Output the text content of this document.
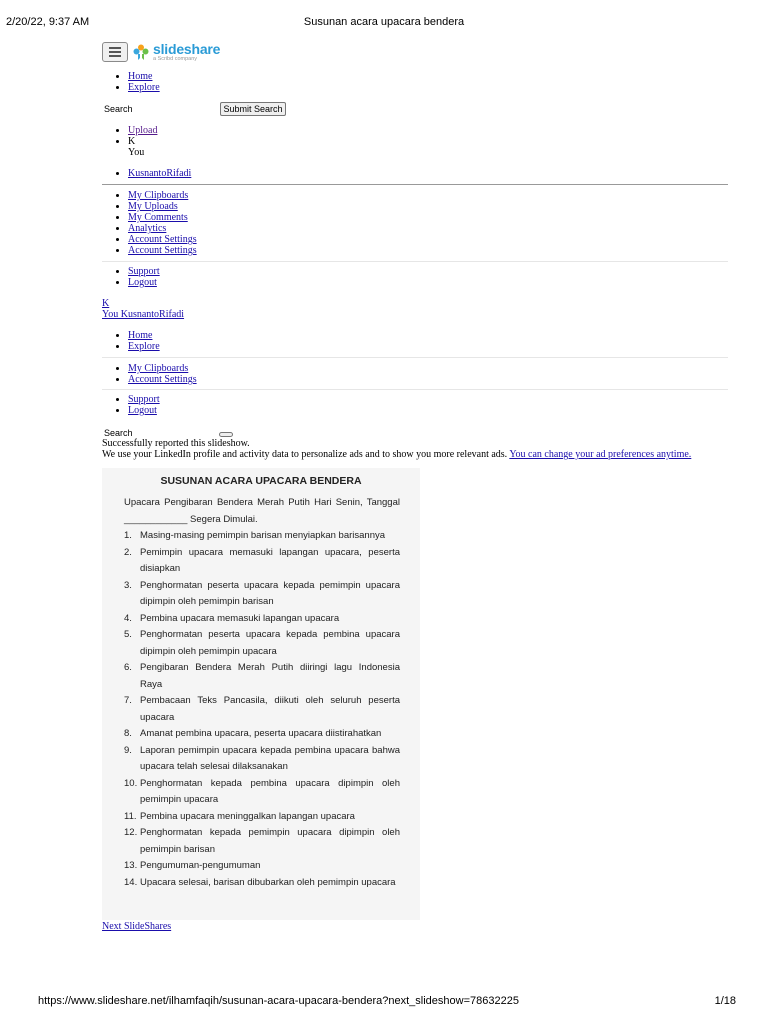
2/20/22, 9:37 AM	Susunan acara upacara bendera
slideshare
a Scribd company
• Home
• Explore
Search	Submit Search
• Upload
• K
You
• KusnantoRifadi
• My Clipboards
• My Uploads
• My Comments
• Analytics
• Account Settings
• Account Settings
• Support
• Logout
K
You KusnantoRifadi
• Home
• Explore
• My Clipboards
• Account Settings
• Support
• Logout
Search
Successfully reported this slideshow.
We use your LinkedIn profile and activity data to personalize ads and to show you more relevant ads. You can change your ad preferences anytime.
SUSUNAN ACARA UPACARA BENDERA
Upacara Pengibaran Bendera Merah Putih Hari Senin, Tanggal ____________ Segera Dimulai.
1. Masing-masing pemimpin barisan menyiapkan barisannya
2. Pemimpin upacara memasuki lapangan upacara, peserta disiapkan
3. Penghormatan peserta upacara kepada pemimpin upacara dipimpin oleh pemimpin barisan
4. Pembina upacara memasuki lapangan upacara
5. Penghormatan peserta upacara kepada pembina upacara dipimpin oleh pemimpin upacara
6. Pengibaran Bendera Merah Putih diiringi lagu Indonesia Raya
7. Pembacaan Teks Pancasila, diikuti oleh seluruh peserta upacara
8. Amanat pembina upacara, peserta upacara diistirahatkan
9. Laporan pemimpin upacara kepada pembina upacara bahwa upacara telah selesai dilaksanakan
10. Penghormatan kepada pembina upacara dipimpin oleh pemimpin upacara
11. Pembina upacara meninggalkan lapangan upacara
12. Penghormatan kepada pemimpin upacara dipimpin oleh pemimpin barisan
13. Pengumuman-pengumuman
14. Upacara selesai, barisan dibubarkan oleh pemimpin upacara
Next SlideShares
https://www.slideshare.net/ilhamfaqih/susunan-acara-upacara-bendera?next_slideshow=78632225	1/18
